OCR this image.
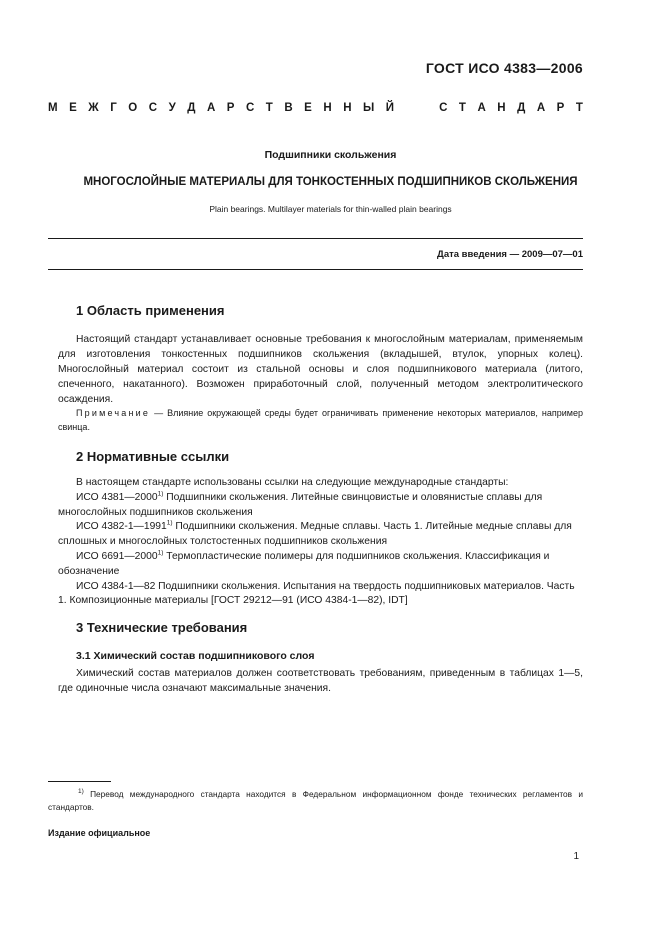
ГОСТ ИСО 4383—2006
М Е Ж Г О С У Д А Р С Т В Е Н Н Ы Й	С Т А Н Д А Р Т
Подшипники скольжения
МНОГОСЛОЙНЫЕ МАТЕРИАЛЫ ДЛЯ ТОНКОСТЕННЫХ ПОДШИПНИКОВ СКОЛЬЖЕНИЯ
Plain bearings. Multilayer materials for thin-walled plain bearings
Дата введения — 2009—07—01
1 Область применения
Настоящий стандарт устанавливает основные требования к многослойным материалам, применяемым для изготовления тонкостенных подшипников скольжения (вкладышей, втулок, упорных колец). Многослойный материал состоит из стальной основы и слоя подшипникового материала (литого, спеченного, накатанного). Возможен приработочный слой, полученный методом электролитического осаждения.
Примечание — Влияние окружающей среды будет ограничивать применение некоторых материалов, например свинца.
2 Нормативные ссылки

В настоящем стандарте использованы ссылки на следующие международные стандарты:

ИСО 4381—2000$^{1)}$ Подшипники скольжения. Литейные свинцовистые и оловянистые сплавы для многослойных подшипников скольжения

ИСО 4382-1—1991$^{1)}$ Подшипники скольжения. Медные сплавы. Часть 1. Литейные медные сплавы для сплошных и многослойных толстостенных подшипников скольжения

ИСО 6691—2000$^{1)}$ Термопластические полимеры для подшипников скольжения. Классификация и обозначение

ИСО 4384-1—82 Подшипники скольжения. Испытания на твердость подшипниковых материалов. Часть 1. Композиционные материалы [ГОСТ 29212—91 (ИСО 4384-1—82), IDT]

3 Технические требования
3.1 Химический состав подшипникового слоя
Химический состав материалов должен соответствовать требованиям, приведенным в таблицах 1—5, где одиночные числа означают максимальные значения.
$^{1)}$ Перевод международного стандарта находится в Федеральном информационном фонде технических регламентов и стандартов.
Издание официальное
1
